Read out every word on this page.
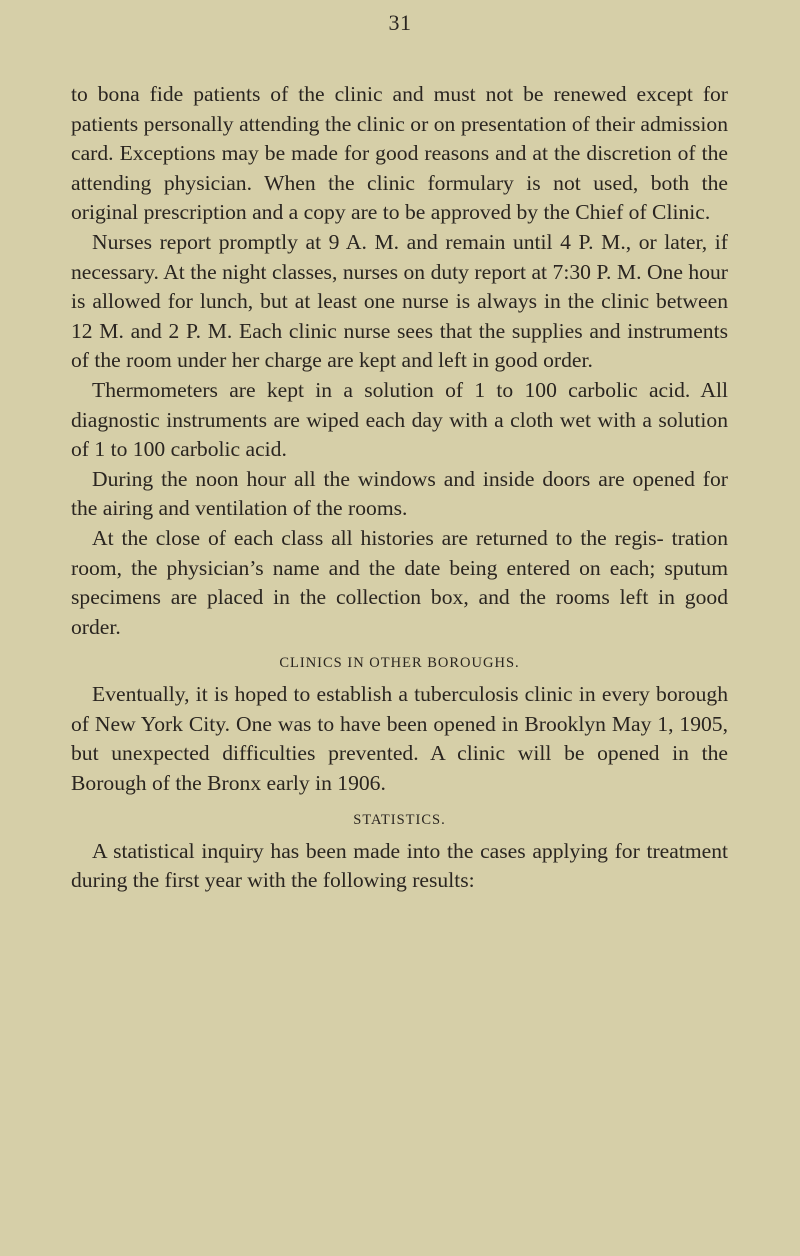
31

to bona fide patients of the clinic and must not be renewed except for patients personally attending the clinic or on presentation of their admission card. Exceptions may be made for good reasons and at the discretion of the attending physician. When the clinic formulary is not used, both the original prescription and a copy are to be approved by the Chief of Clinic.

Nurses report promptly at 9 A. M. and remain until 4 P. M., or later, if necessary. At the night classes, nurses on duty report at 7:30 P. M. One hour is allowed for lunch, but at least one nurse is always in the clinic between 12 M. and 2 P. M. Each clinic nurse sees that the supplies and instruments of the room under her charge are kept and left in good order.

Thermometers are kept in a solution of 1 to 100 carbolic acid. All diagnostic instruments are wiped each day with a cloth wet with a solution of 1 to 100 carbolic acid.

During the noon hour all the windows and inside doors are opened for the airing and ventilation of the rooms.

At the close of each class all histories are returned to the regis- tration room, the physician’s name and the date being entered on each; sputum specimens are placed in the collection box, and the rooms left in good order.

CLINICS IN OTHER BOROUGHS.

Eventually, it is hoped to establish a tuberculosis clinic in every borough of New York City. One was to have been opened in Brooklyn May 1, 1905, but unexpected difficulties prevented. A clinic will be opened in the Borough of the Bronx early in 1906.

STATISTICS.

A statistical inquiry has been made into the cases applying for treatment during the first year with the following results:
